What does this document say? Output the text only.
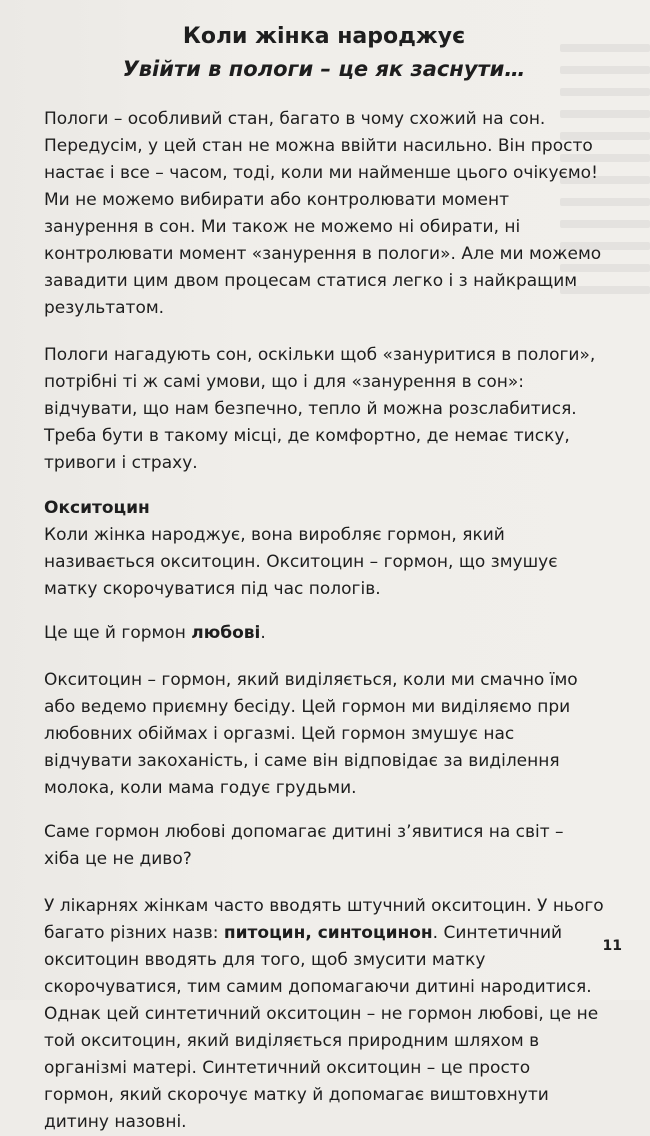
Коли жінка народжує
Увійти в пологи – це як заснути…

Пологи – особливий стан, багато в чому схожий на сон. Передусім, у цей стан не можна ввійти насильно. Він просто настає і все – часом, тоді, коли ми найменше цього очікуємо! Ми не можемо вибирати або контролювати момент занурення в сон. Ми також не можемо ні обирати, ні контролювати момент «занурення в пологи». Але ми можемо завадити цим двом процесам статися легко і з найкращим результатом.

Пологи нагадують сон, оскільки щоб «зануритися в пологи», потрібні ті ж самі умови, що і для «занурення в сон»: відчувати, що нам безпечно, тепло й можна розслабитися. Треба бути в такому місці, де комфортно, де немає тиску, тривоги і страху.

Окситоцин

Коли жінка народжує, вона виробляє гормон, який називається окситоцин. Окситоцин – гормон, що змушує матку скорочуватися під час пологів.

Це ще й гормон любові.

Окситоцин – гормон, який виділяється, коли ми смачно їмо або ведемо приємну бесіду. Цей гормон ми виділяємо при любовних обіймах і оргазмі. Цей гормон змушує нас відчувати закоханість, і саме він відповідає за виділення молока, коли мама годує грудьми.

Саме гормон любові допомагає дитині з’явитися на світ – хіба це не диво?

У лікарнях жінкам часто вводять штучний окситоцин. У нього багато різних назв: питоцин, синтоцинон. Синтетичний окситоцин вводять для того, щоб змусити матку скорочуватися, тим самим допомагаючи дитині народитися. Однак цей синтетичний окситоцин – не гормон любові, це не той окситоцин, який виділяється природним шляхом в організмі матері. Синтетичний окситоцин – це просто гормон, який скорочує матку й допомагає виштовхнути дитину назовні.

11
